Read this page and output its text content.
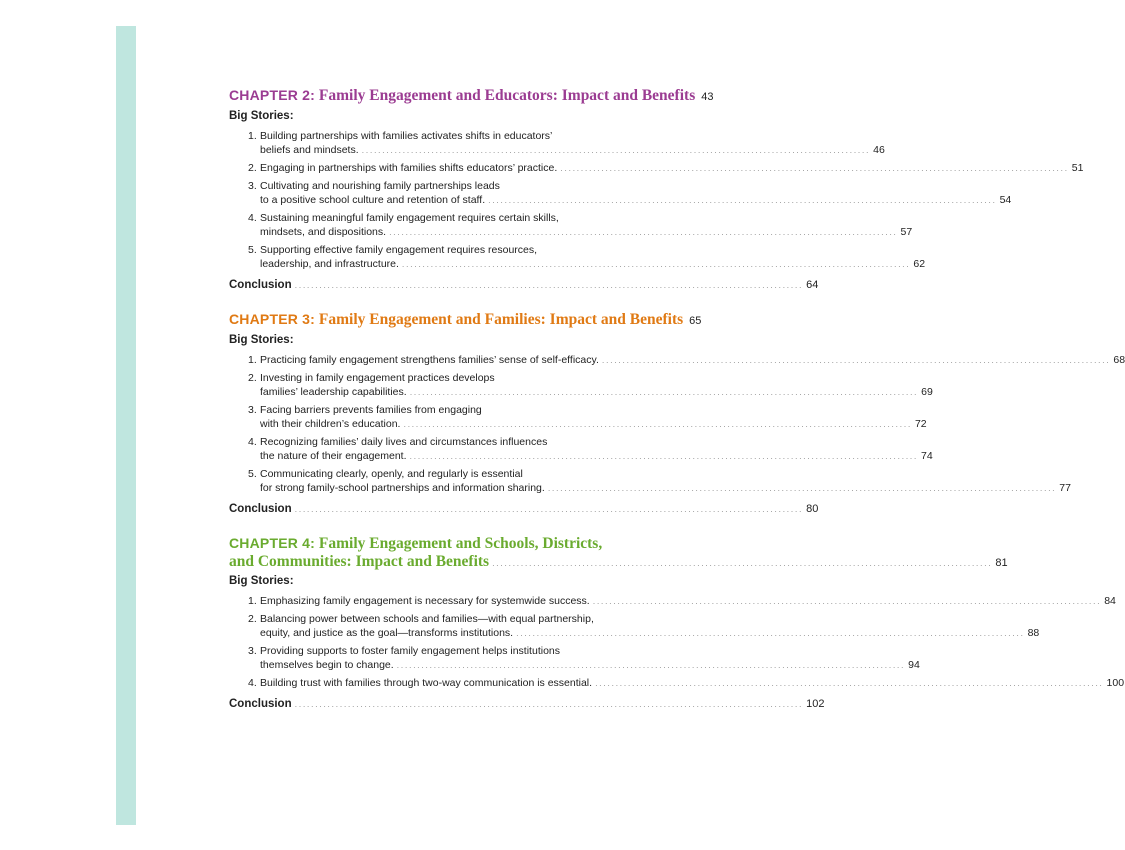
CHAPTER 2:
Family Engagement and Educators: Impact and Benefits 43
Big Stories:
1. Building partnerships with families activates shifts in educators’
beliefs and mindsets. ............................................................................................................................ 46
2. Engaging in partnerships with families shifts educators’ practice. ............................................................................................................................ 51
3. Cultivating and nourishing family partnerships leads
to a positive school culture and retention of staff. ............................................................................................................................ 54
4. Sustaining meaningful family engagement requires certain skills,
mindsets, and dispositions. ............................................................................................................................ 57
5. Supporting effective family engagement requires resources,
leadership, and infrastructure. ............................................................................................................................ 62
Conclusion ............................................................................................................................ 64
CHAPTER 3:
Family Engagement and Families: Impact and Benefits 65
Big Stories:
1. Practicing family engagement strengthens families’ sense of self-efficacy. ............................................................................................................................ 68
2. Investing in family engagement practices develops
families’ leadership capabilities. ............................................................................................................................ 69
3. Facing barriers prevents families from engaging
with their children’s education. ............................................................................................................................ 72
4. Recognizing families’ daily lives and circumstances influences
the nature of their engagement. ............................................................................................................................ 74
5. Communicating clearly, openly, and regularly is essential
for strong family-school partnerships and information sharing. ............................................................................................................................ 77
Conclusion ............................................................................................................................ 80
CHAPTER 4: Family Engagement and Schools, Districts,
and Communities: Impact and Benefits .......................................................................................................................... 81
Big Stories:
1. Emphasizing family engagement is necessary for systemwide success. ............................................................................................................................ 84
2. Balancing power between schools and families—with equal partnership,
equity, and justice as the goal—transforms institutions. ............................................................................................................................ 88
3. Providing supports to foster family engagement helps institutions
themselves begin to change. ............................................................................................................................ 94
4. Building trust with families through two-way communication is essential. ............................................................................................................................ 100
Conclusion ............................................................................................................................ 102
